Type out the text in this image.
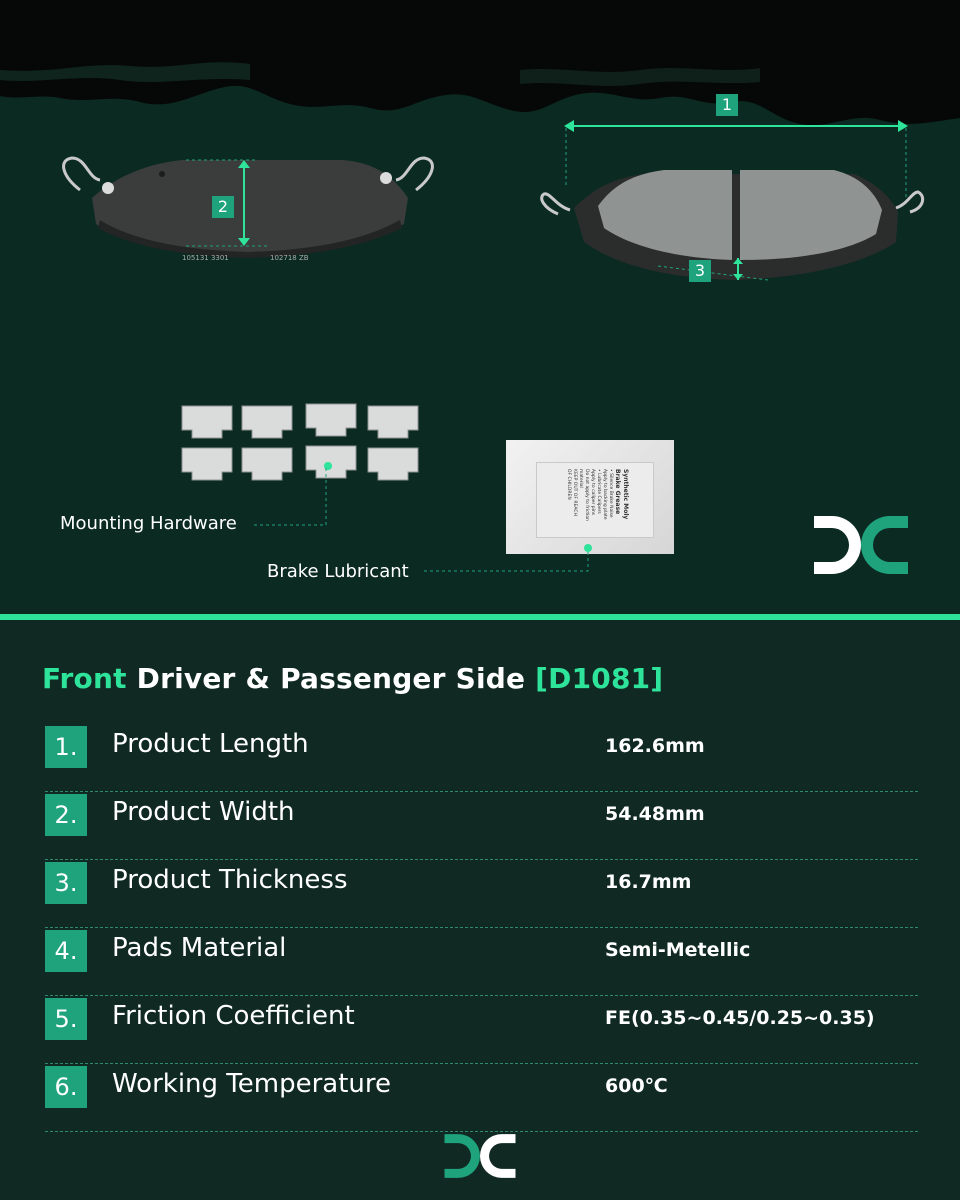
105131 3301	102718 ZB
2
1
3
Mounting Hardware
Synthetic Moly
Brake Grease
• Silence Brake Noise
Apply to backing plate
• Lubricate Calipers
Apply to caliper pins
Do not apply to friction material
KEEP OUT OF REACH
OF CHILDREN
Brake Lubricant
Front Driver & Passenger Side [D1081]
1.	Product Length	162.6mm
2.	Product Width	54.48mm
3.	Product Thickness	16.7mm
4.	Pads Material	Semi-Metellic
5.	Friction Coefficient	FE(0.35~0.45/0.25~0.35)
6.	Working Temperature	600℃
